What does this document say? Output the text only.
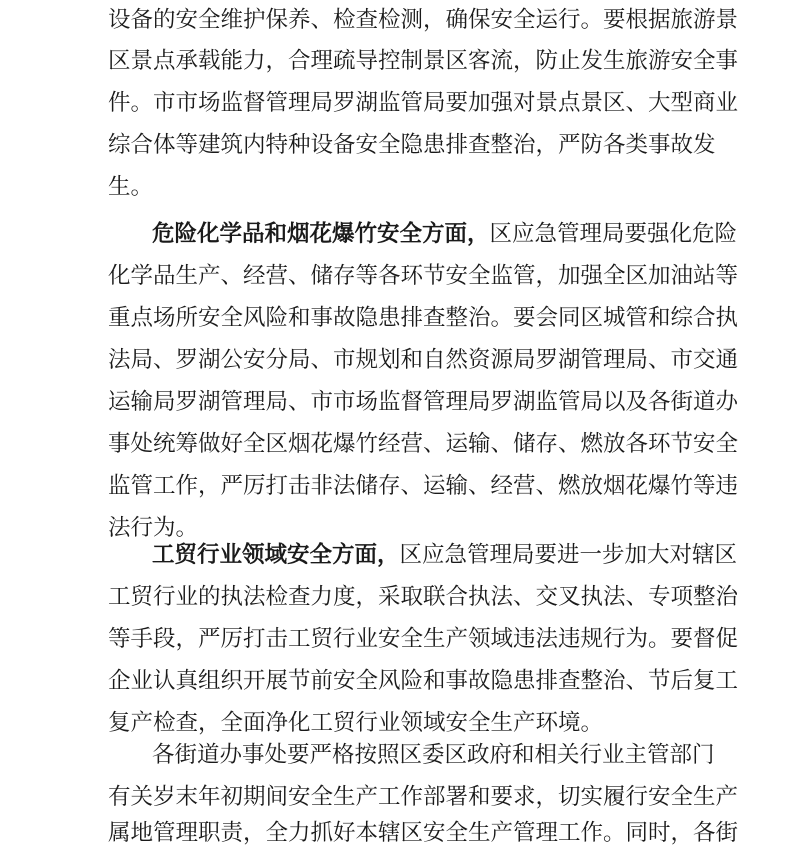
设备的安全维护保养、检查检测，确保安全运行。要根据旅游景
区景点承载能力，合理疏导控制景区客流，防止发生旅游安全事
件。市市场监督管理局罗湖监管局要加强对景点景区、大型商业
综合体等建筑内特种设备安全隐患排查整治，严防各类事故发
生。
危险化学品和烟花爆竹安全方面，区应急管理局要强化危险
化学品生产、经营、储存等各环节安全监管，加强全区加油站等
重点场所安全风险和事故隐患排查整治。要会同区城管和综合执
法局、罗湖公安分局、市规划和自然资源局罗湖管理局、市交通
运输局罗湖管理局、市市场监督管理局罗湖监管局以及各街道办
事处统筹做好全区烟花爆竹经营、运输、储存、燃放各环节安全
监管工作，严厉打击非法储存、运输、经营、燃放烟花爆竹等违
法行为。
工贸行业领域安全方面，区应急管理局要进一步加大对辖区
工贸行业的执法检查力度，采取联合执法、交叉执法、专项整治
等手段，严厉打击工贸行业安全生产领域违法违规行为。要督促
企业认真组织开展节前安全风险和事故隐患排查整治、节后复工
复产检查，全面净化工贸行业领域安全生产环境。
各街道办事处要严格按照区委区政府和相关行业主管部门
有关岁末年初期间安全生产工作部署和要求，切实履行安全生产
属地管理职责，全力抓好本辖区安全生产管理工作。同时，各街
